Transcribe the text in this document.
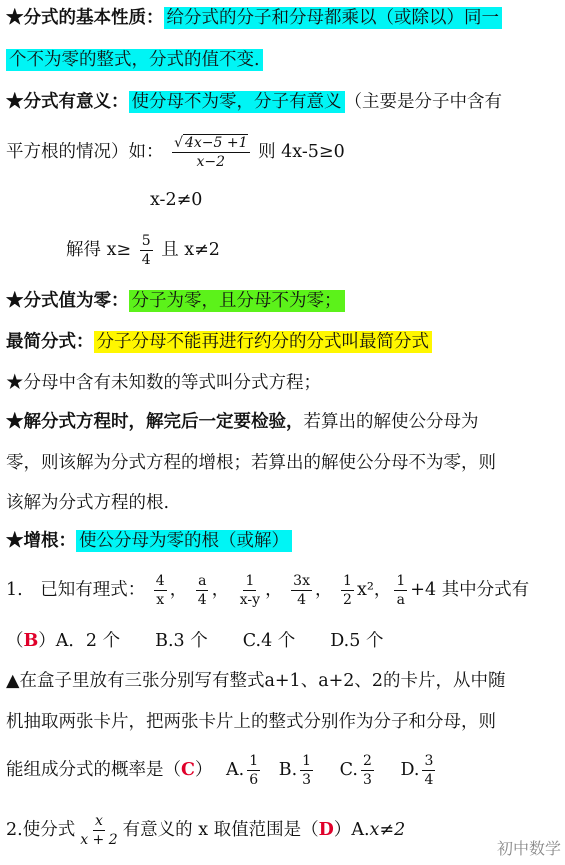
★分式的基本性质： 给分式的分子和分母都乘以（或除以）同一
个不为零的整式，分式的值不变.
★分式有意义： 使分母不为零，分子有意义 （主要是分子中含有
平方根的情况）如： $\frac{√ 4x-5 +1}{x-2}$ 则 4x-5≥0
x-2≠0
解得 $x\ge \frac{5}{4}$ 且 x≠2
★分式值为零： 分子为零，且分母不为零；
最简分式： 分子分母不能再进行约分的分式叫最简分式
★分母中含有未知数的等式叫分式方程；
★解分式方程时，解完后一定要检验，若算出的解使公分母为
零，则该解为分式方程的增根；若算出的解使公分母不为零，则
该解为分式方程的根.
★增根： 使公分母为零的根（或解）
1.　已知有理式： $\frac{4}{x}$ ， $\frac{a}{4}$ ， $\frac{1}{x-y}$ ， $\frac{3x}{4}$ ， $\frac{1}{2} x^2$， $\frac{1}{a} +4$ 其中分式有
（B）A．2 个　　B.3 个　　C.4 个　　D.5 个
▲在盒子里放有三张分别写有整式a+1、a+2、2的卡片，从中随
机抽取两张卡片，把两张卡片上的整式分别作为分子和分母，则
能组成分式的概率是（C） A. $\frac{1}{6} B$. $\frac{1}{3} C$. $\frac{2}{3} D$. $\frac{3}{4}$
2.使分式 $\frac{x}{x + 2}$ 有意义的 x 取值范围是（D）A.x≠2
初中数学
